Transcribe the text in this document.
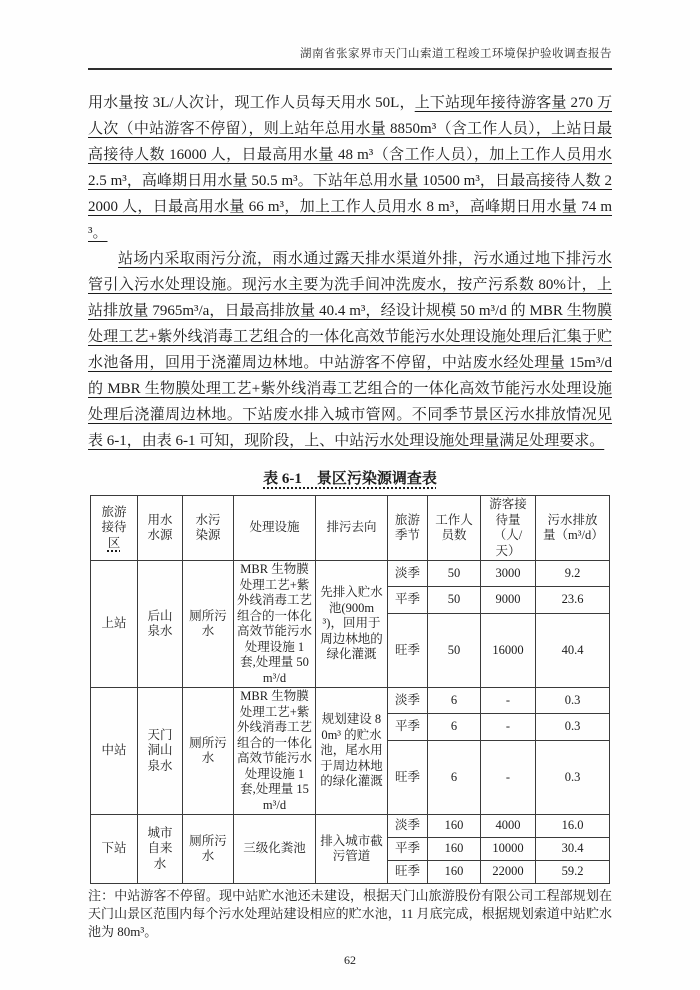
湖南省张家界市天门山索道工程竣工环境保护验收调查报告

用水量按 3L/人次计，现工作人员每天用水 50L，上下站现年接待游客量 270 万人次（中站游客不停留），则上站年总用水量 8850m³（含工作人员），上站日最高接待人数 16000 人，日最高用水量 48 m³（含工作人员），加上工作人员用水 2.5 m³，高峰期日用水量 50.5 m³。下站年总用水量 10500 m³，日最高接待人数 22000 人，日最高用水量 66 m³，加上工作人员用水 8 m³，高峰期日用水量 74 m³。

站场内采取雨污分流，雨水通过露天排水渠道外排，污水通过地下排污水管引入污水处理设施。现污水主要为洗手间冲洗废水，按产污系数 80%计，上站排放量 7965m³/a，日最高排放量 40.4 m³，经设计规模 50 m³/d 的 MBR 生物膜处理工艺+紫外线消毒工艺组合的一体化高效节能污水处理设施处理后汇集于贮水池备用，回用于浇灌周边林地。中站游客不停留，中站废水经处理量 15m³/d 的 MBR 生物膜处理工艺+紫外线消毒工艺组合的一体化高效节能污水处理设施处理后浇灌周边林地。下站废水排入城市管网。不同季节景区污水排放情况见表 6-1，由表 6-1 可知，现阶段，上、中站污水处理设施处理量满足处理要求。

表 6-1　景区污染源调查表
旅游接待区	用水水源	水污染源	处理设施	排污去向	旅游季节	工作人员数	游客接待量（人/天）	污水排放量（m³/d）
上站	后山泉水	厕所污水	MBR 生物膜处理工艺+紫外线消毒工艺组合的一体化高效节能污水处理设施 1 套,处理量 50m³/d	先排入贮水池(900m³)，回用于周边林地的绿化灌溉	淡季	50	3000	9.2
					平季	50	9000	23.6
					旺季	50	16000	40.4
中站	天门洞山泉水	厕所污水	MBR 生物膜处理工艺+紫外线消毒工艺组合的一体化高效节能污水处理设施 1 套,处理量 15m³/d	规划建设 80m³ 的贮水池，尾水用于周边林地的绿化灌溉	淡季	6	-	0.3
					平季	6	-	0.3
					旺季	6	-	0.3
下站	城市自来水	厕所污水	三级化粪池	排入城市截污管道	淡季	160	4000	16.0
					平季	160	10000	30.4
					旺季	160	22000	59.2
注：中站游客不停留。现中站贮水池还未建设，根据天门山旅游股份有限公司工程部规划在天门山景区范围内每个污水处理站建设相应的贮水池，11 月底完成，根据规划索道中站贮水池为 80m³。
62
